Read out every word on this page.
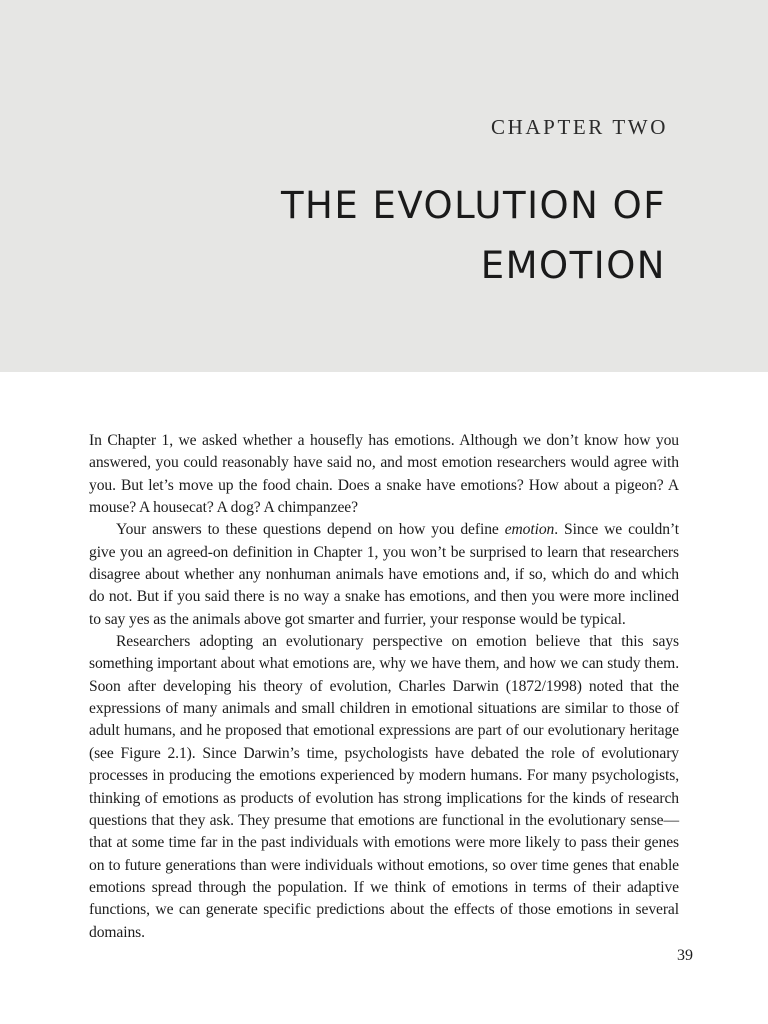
CHAPTER TWO
THE EVOLUTION OF
EMOTION

In Chapter 1, we asked whether a housefly has emotions. Although we don’t know how you answered, you could reasonably have said no, and most emotion researchers would agree with you. But let’s move up the food chain. Does a snake have emotions? How about a pigeon? A mouse? A housecat? A dog? A chimpanzee?

Your answers to these questions depend on how you define emotion. Since we couldn’t give you an agreed-on definition in Chapter 1, you won’t be surprised to learn that researchers disagree about whether any nonhuman animals have emotions and, if so, which do and which do not. But if you said there is no way a snake has emotions, and then you were more inclined to say yes as the animals above got smarter and furrier, your response would be typical.

Researchers adopting an evolutionary perspective on emotion believe that this says something important about what emotions are, why we have them, and how we can study them. Soon after developing his theory of evolution, Charles Darwin (1872/1998) noted that the expressions of many animals and small children in emotional situations are similar to those of adult humans, and he proposed that emotional expressions are part of our evolutionary heritage (see Figure 2.1). Since Darwin’s time, psychologists have debated the role of evolutionary processes in producing the emotions experienced by modern humans. For many psychologists, thinking of emotions as products of evolution has strong implications for the kinds of research questions that they ask. They presume that emotions are functional in the evolutionary sense—that at some time far in the past individuals with emotions were more likely to pass their genes on to future generations than were individuals without emotions, so over time genes that enable emotions spread through the population. If we think of emotions in terms of their adaptive functions, we can generate specific predictions about the effects of those emotions in several domains.

39
